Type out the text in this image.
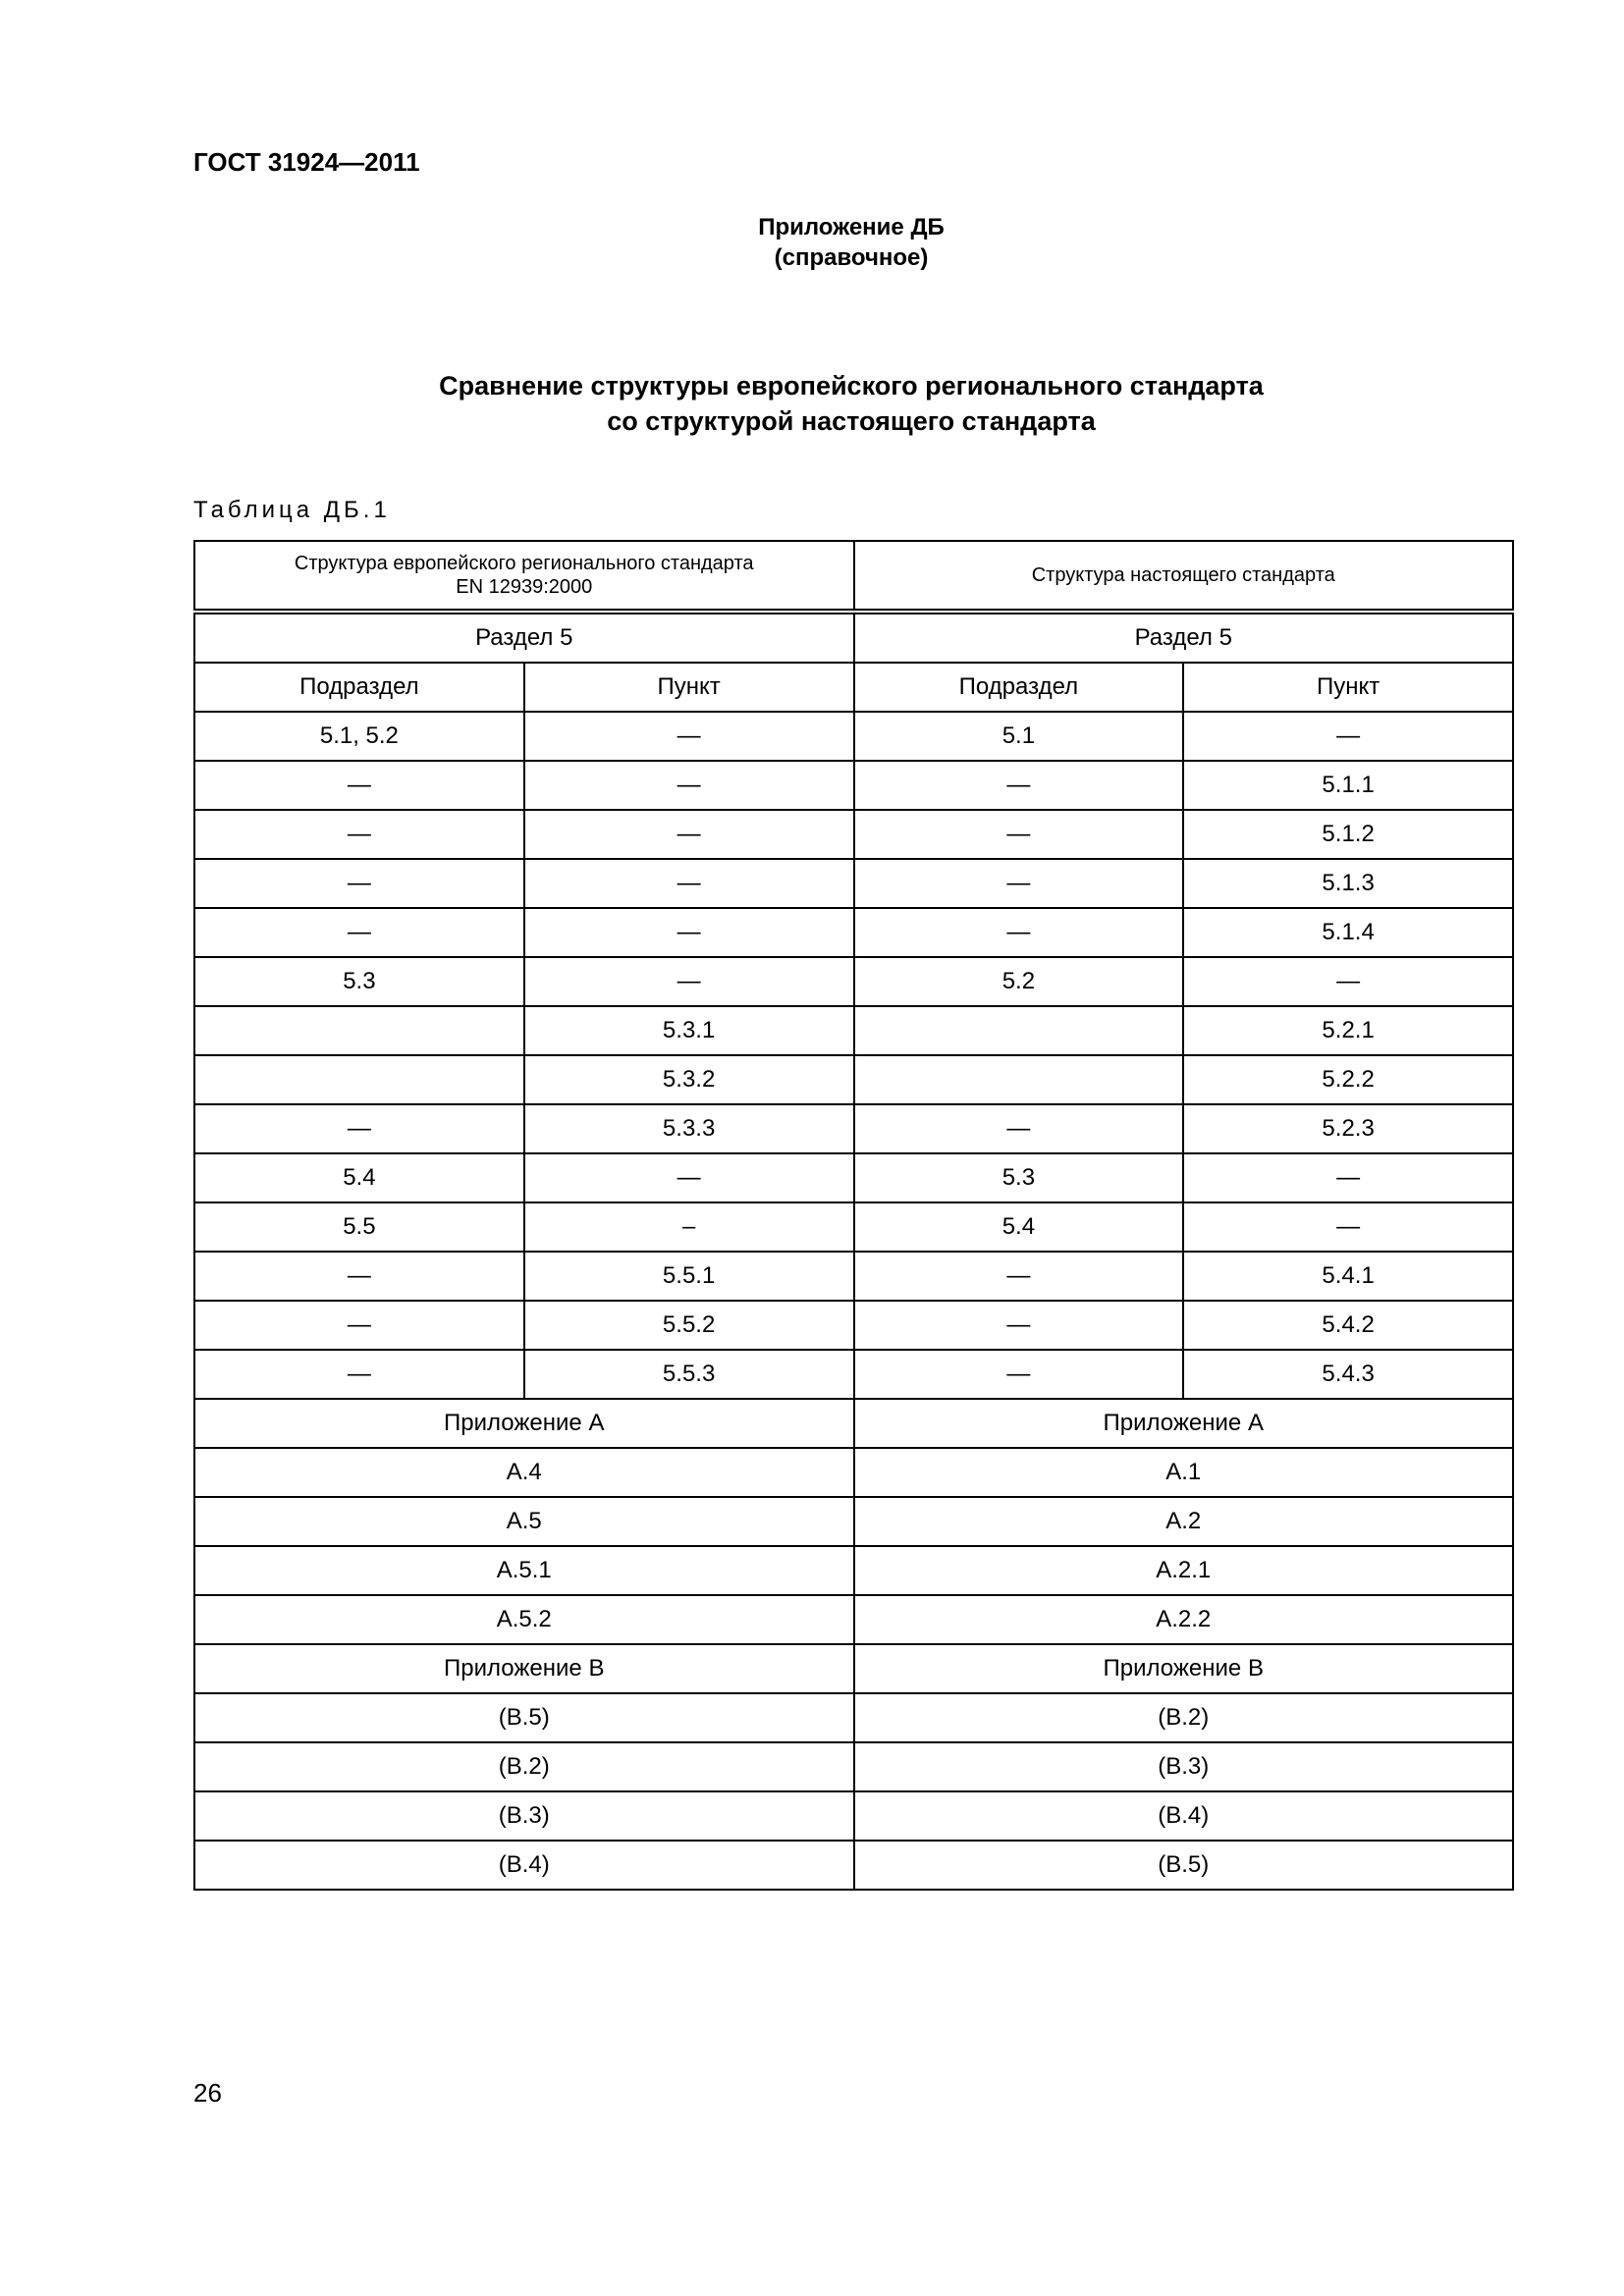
ГОСТ 31924—2011
Приложение ДБ
(справочное)
Сравнение структуры европейского регионального стандарта
со структурой настоящего стандарта
Таблица ДБ.1
Структура европейского регионального стандарта
EN 12939:2000		Структура настоящего стандарта	

Раздел 5		Раздел 5	
Подраздел	Пункт	Подраздел	Пункт
5.1, 5.2	—	5.1	—
—	—	—	5.1.1
—	—	—	5.1.2
—	—	—	5.1.3
—	—	—	5.1.4
5.3	—	5.2	—
	5.3.1		5.2.1
	5.3.2		5.2.2
—	5.3.3	—	5.2.3
5.4	—	5.3	—
5.5	–	5.4	—
—	5.5.1	—	5.4.1
—	5.5.2	—	5.4.2
—	5.5.3	—	5.4.3
Приложение А		Приложение А	
А.4		А.1	
А.5		А.2	
А.5.1		А.2.1	
А.5.2		А.2.2	
Приложение В		Приложение В	
(В.5)		(В.2)	
(В.2)		(В.3)	
(В.3)		(В.4)	
(В.4)		(В.5)	
26
